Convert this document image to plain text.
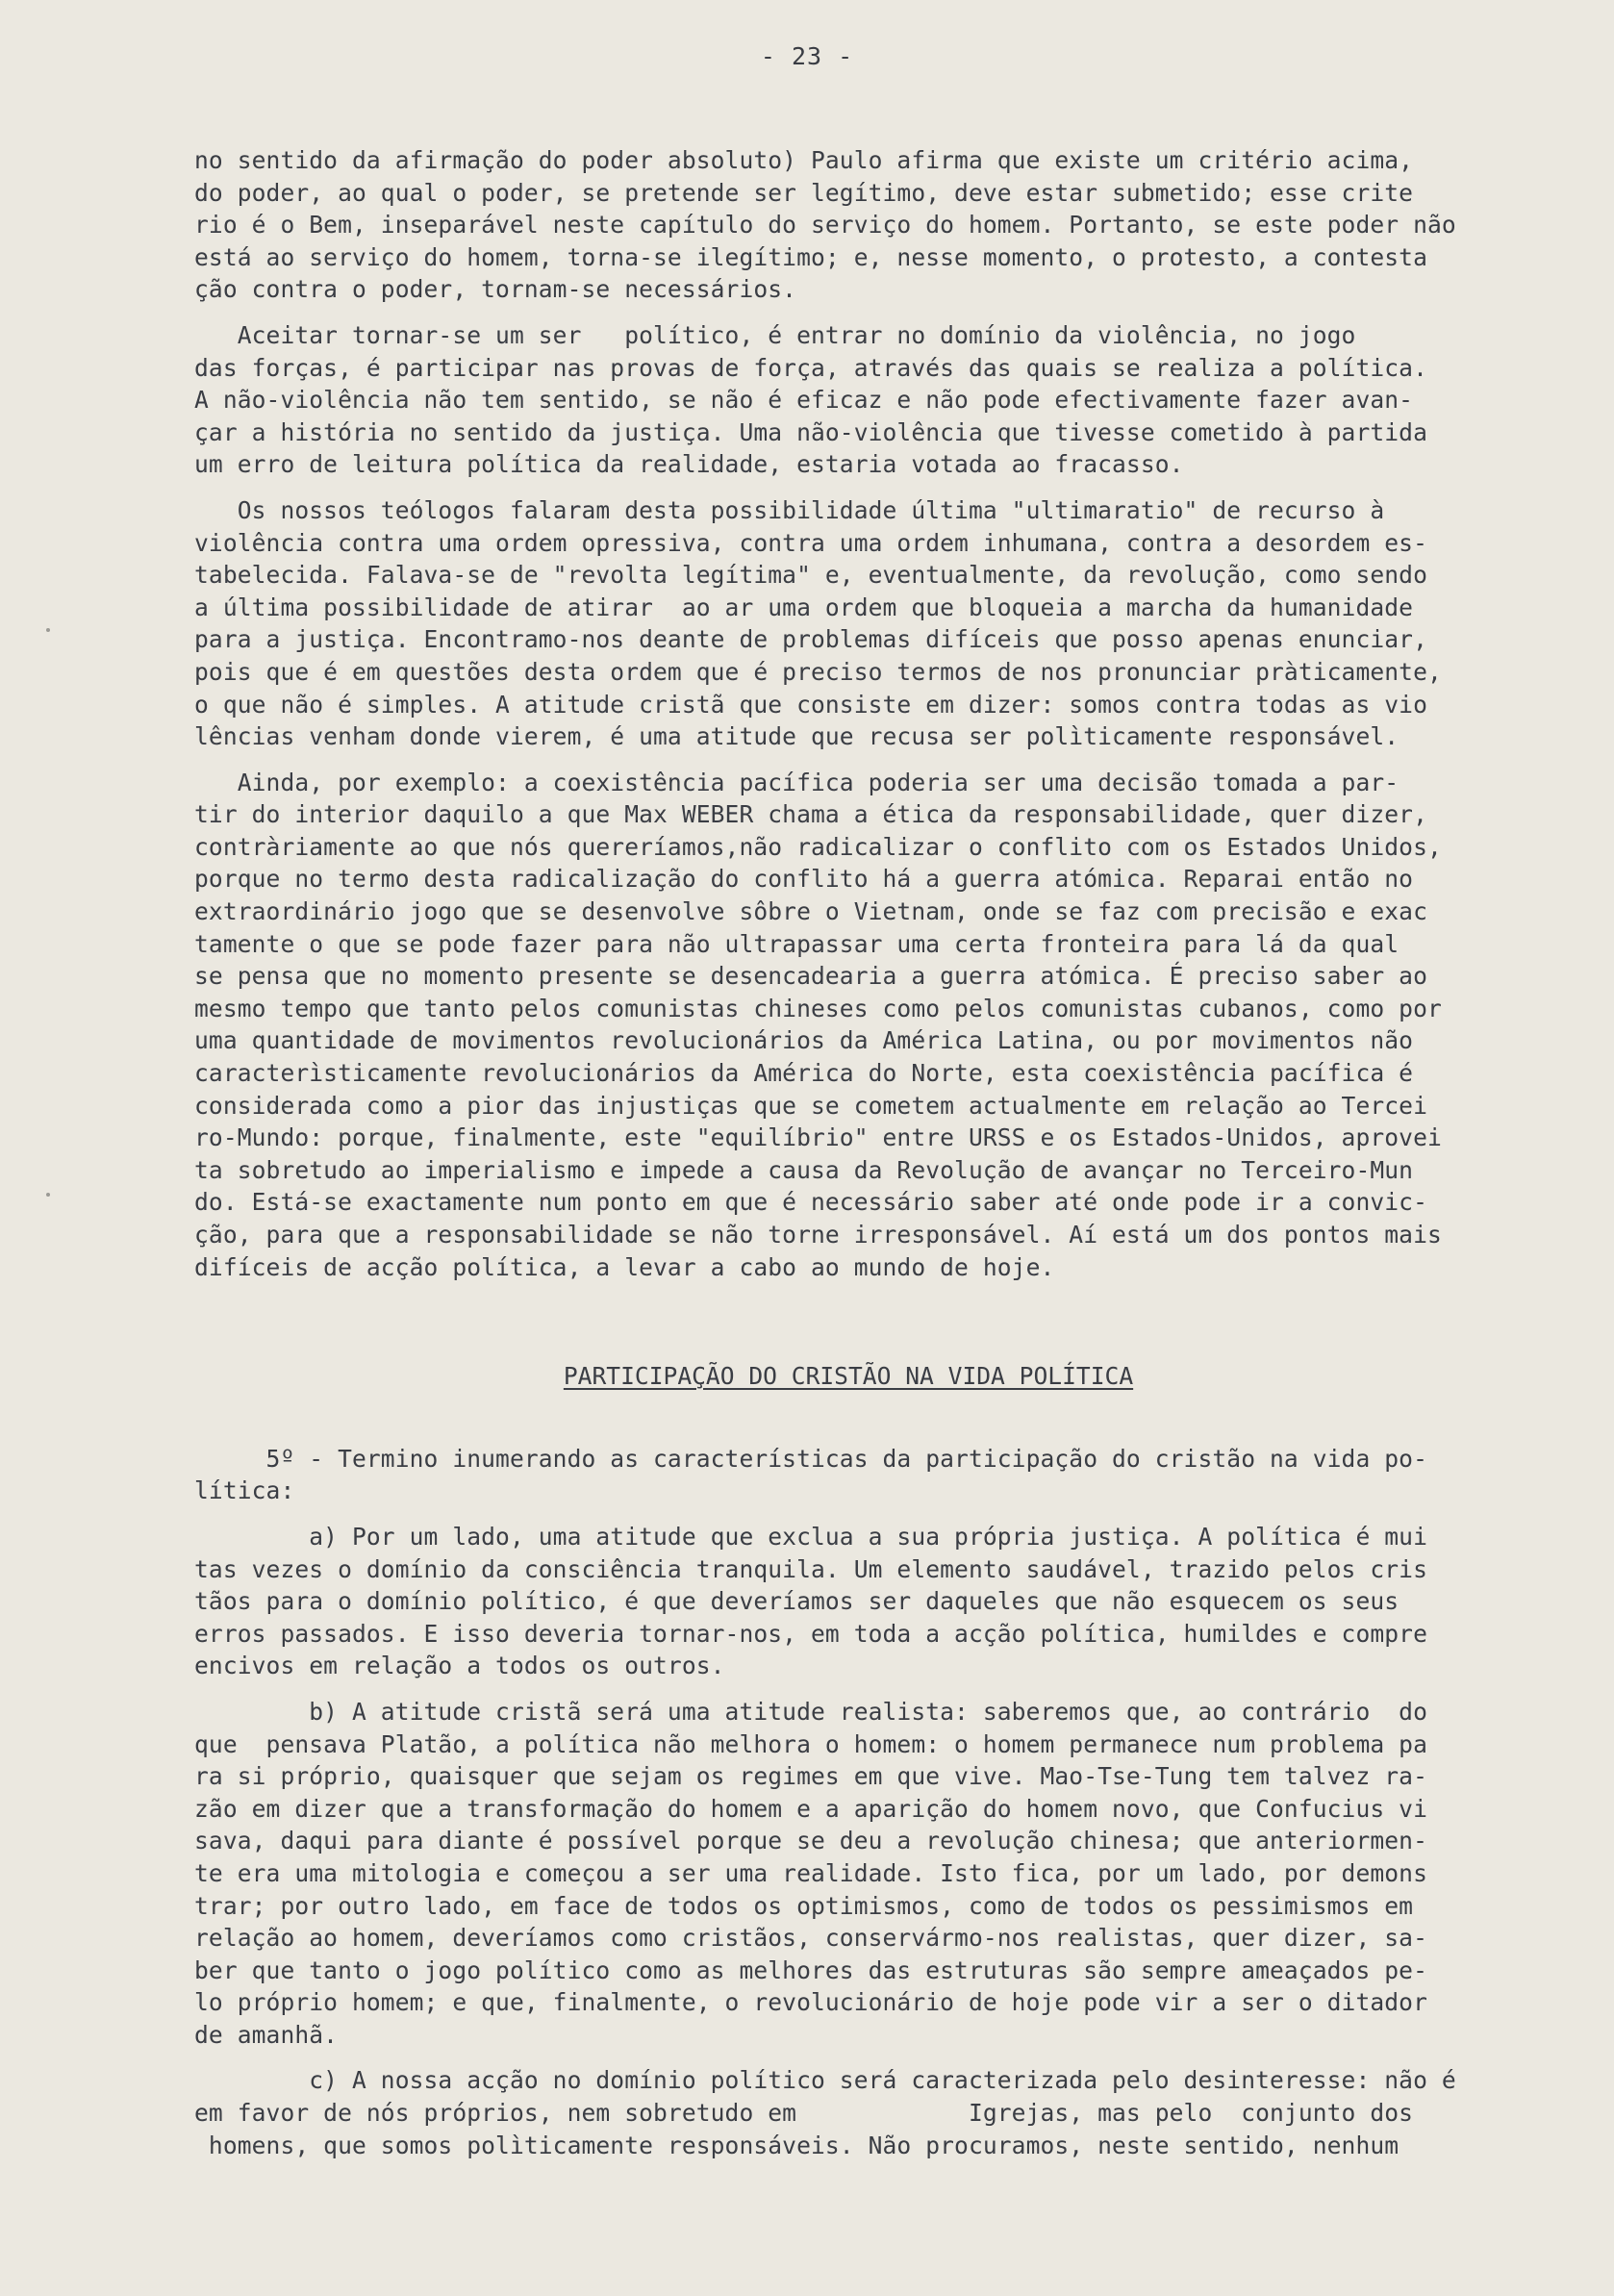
- 23 -
no sentido da afirmação do poder absoluto) Paulo afirma que existe um critério acima,
do poder, ao qual o poder, se pretende ser legítimo, deve estar submetido; esse crite
rio é o Bem, inseparável neste capítulo do serviço do homem. Portanto, se este poder não
está ao serviço do homem, torna-se ilegítimo; e, nesse momento, o protesto, a contesta
ção contra o poder, tornam-se necessários.
Aceitar tornar-se um ser   político, é entrar no domínio da violência, no jogo
das forças, é participar nas provas de força, através das quais se realiza a política.
A não-violência não tem sentido, se não é eficaz e não pode efectivamente fazer avan-
çar a história no sentido da justiça. Uma não-violência que tivesse cometido à partida
um erro de leitura política da realidade, estaria votada ao fracasso.
Os nossos teólogos falaram desta possibilidade última "ultimaratio" de recurso à
violência contra uma ordem opressiva, contra uma ordem inhumana, contra a desordem es-
tabelecida. Falava-se de "revolta legítima" e, eventualmente, da revolução, como sendo
a última possibilidade de atirar  ao ar uma ordem que bloqueia a marcha da humanidade
para a justiça. Encontramo-nos deante de problemas difíceis que posso apenas enunciar,
pois que é em questões desta ordem que é preciso termos de nos pronunciar pràticamente,
o que não é simples. A atitude cristã que consiste em dizer: somos contra todas as vio
lências venham donde vierem, é uma atitude que recusa ser polìticamente responsável.
Ainda, por exemplo: a coexistência pacífica poderia ser uma decisão tomada a par-
tir do interior daquilo a que Max WEBER chama a ética da responsabilidade, quer dizer,
contràriamente ao que nós quereríamos,não radicalizar o conflito com os Estados Unidos,
porque no termo desta radicalização do conflito há a guerra atómica. Reparai então no
extraordinário jogo que se desenvolve sôbre o Vietnam, onde se faz com precisão e exac
tamente o que se pode fazer para não ultrapassar uma certa fronteira para lá da qual
se pensa que no momento presente se desencadearia a guerra atómica. É preciso saber ao
mesmo tempo que tanto pelos comunistas chineses como pelos comunistas cubanos, como por
uma quantidade de movimentos revolucionários da América Latina, ou por movimentos não
caracterìsticamente revolucionários da América do Norte, esta coexistência pacífica é
considerada como a pior das injustiças que se cometem actualmente em relação ao Tercei
ro-Mundo: porque, finalmente, este "equilíbrio" entre URSS e os Estados-Unidos, aprovei
ta sobretudo ao imperialismo e impede a causa da Revolução de avançar no Terceiro-Mun
do. Está-se exactamente num ponto em que é necessário saber até onde pode ir a convic-
ção, para que a responsabilidade se não torne irresponsável. Aí está um dos pontos mais
difíceis de acção política, a levar a cabo ao mundo de hoje.
PARTICIPAÇÃO DO CRISTÃO NA VIDA POLÍTICA
5º - Termino inumerando as características da participação do cristão na vida po-
lítica:
a) Por um lado, uma atitude que exclua a sua própria justiça. A política é mui
tas vezes o domínio da consciência tranquila. Um elemento saudável, trazido pelos cris
tãos para o domínio político, é que deveríamos ser daqueles que não esquecem os seus
erros passados. E isso deveria tornar-nos, em toda a acção política, humildes e compre
encivos em relação a todos os outros.
b) A atitude cristã será uma atitude realista: saberemos que, ao contrário  do
que  pensava Platão, a política não melhora o homem: o homem permanece num problema pa
ra si próprio, quaisquer que sejam os regimes em que vive. Mao-Tse-Tung tem talvez ra-
zão em dizer que a transformação do homem e a aparição do homem novo, que Confucius vi
sava, daqui para diante é possível porque se deu a revolução chinesa; que anteriormen-
te era uma mitologia e começou a ser uma realidade. Isto fica, por um lado, por demons
trar; por outro lado, em face de todos os optimismos, como de todos os pessimismos em
relação ao homem, deveríamos como cristãos, conservármo-nos realistas, quer dizer, sa-
ber que tanto o jogo político como as melhores das estruturas são sempre ameaçados pe-
lo próprio homem; e que, finalmente, o revolucionário de hoje pode vir a ser o ditador
de amanhã.
c) A nossa acção no domínio político será caracterizada pelo desinteresse: não é
em favor de nós próprios, nem sobretudo em            Igrejas, mas pelo  conjunto dos
homens, que somos polìticamente responsáveis. Não procuramos, neste sentido, nenhum
